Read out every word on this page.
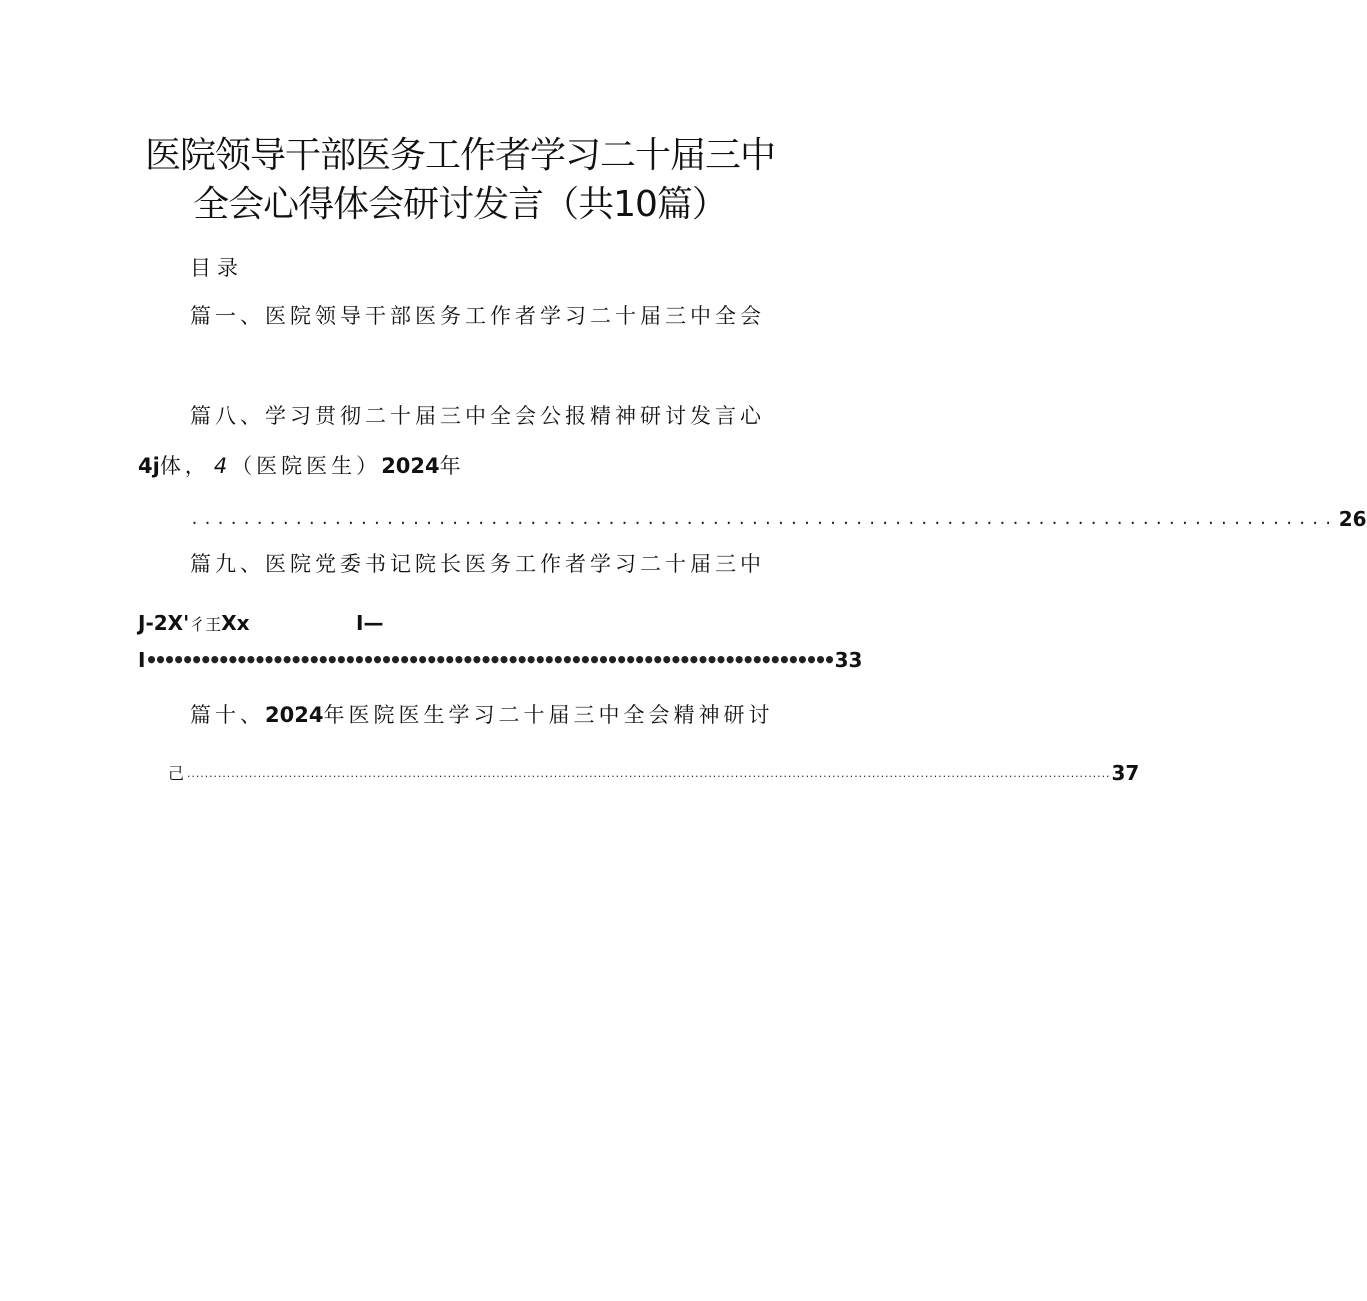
医院领导干部医务工作者学习二十届三中
全会心得体会研讨发言（共10篇）
目录
篇一、医院领导干部医务工作者学习二十届三中全会
篇八、学习贯彻二十届三中全会公报精神研讨发言心
4j体， 4 （医院医生）2024年
........................................................................................ 26
篇九、医院党委书记院长医务工作者学习二十届三中
J-2X'彳王Xx	I—
I •••••••••••••••••••••••••••••••••••••••••••••••••••••••••••••••••••••••••••• 33
篇十、2024年医院医生学习二十届三中全会精神研讨
己 ................................................................................................................................................................................................................. 37
